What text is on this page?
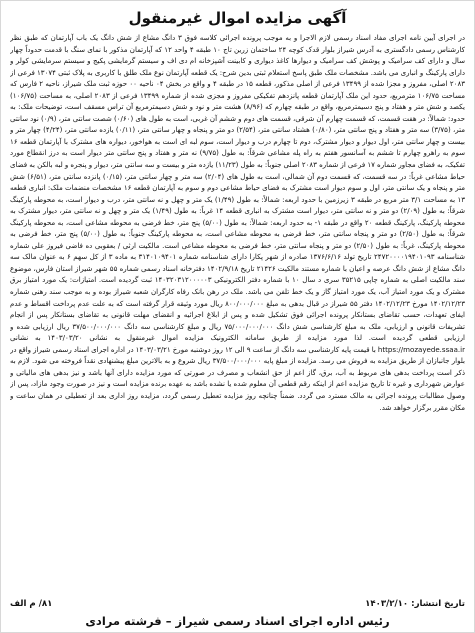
آگهی مزایده اموال غیرمنقول

در اجرای آیین نامه اجرای مفاد اسناد رسمی لازم الاجرا و به موجب پرونده اجرائی کلاسه فوق ۳ دانگ مشاع از شش دانگ یک باب آپارتمان که طبق نظر کارشناس رسمی دادگستری به آدرس شیراز بلوار قدک کوچه ۲۴ ساختمان زرین تاج ۱۰ طبقه ۴ واحد ۱۲ که آپارتمان مذکور با نمای سنگ با قدمت حدوداً چهار سال و دارای کف سرامیک و پوشش کف سرامیک و دیوارها کاغذ دیواری و کابینت آشپزخانه ام دی اف و سیستم گرمایشی پکیج و سیستم سرمایشی کولر و دارای پارکینگ و انباری می باشد. مشخصات ملک طبق پاسخ استعلام ثبتی بدین شرح: یک قطعه آپارتمان نوع ملک طلق با کاربری به پلاک ثبتی ۱۳۰۷۴ فرعی از ۲۰۸۳ اصلی، مفروز و مجزا شده از ۱۳۴۹۹ فرعی از اصلی مذکور، قطعه ۱۵ در طبقه ۴ و واقع در بخش ۰۴ ناحیه ۰۰ حوزه ثبت ملک شیراز، ناحیه ۲ فارس که مساحت ۱۰۶/۷۵ مترمربع، حدود این ملک آپارتمان قطعه پانزدهم تفکیکی مفروز و مجزی شده از شماره ۱۳۴۹۹ فرعی از ۲۰۸۳ اصلی، به مساحت (۱۰۶/۷۵) یکصد و شش متر و هفتاد و پنج دسیمترمربع، واقع در طبقه چهارم که (۸/۹۶) هشت متر و نود و شش دسیمترمربع آن تراس مسقف است، توضیحات ملک: به حدود: شمالاً: در هفت قسمت، که قسمت چهارم آن شرقی، قسمت های دوم و ششم آن غربی، است به طول های (۰/۶۰) شصت سانتی متر، (۰/۹) نود سانتی متر، (۳/۷۵) سه متر و هفتاد و پنج سانتی متر، (۰/۸۰) هشتاد سانتی متر، (۲/۵۴) دو متر و پنجاه و چهار سانتی متر، (۰/۱۱) یازده سانتی متر، (۴/۲۴) چهار متر و بیست و چهار سانتی متر، اول دیوار و دیوار مشترک، دوم تا چهارم درب و دیوار است، سوم لبه ای است به هواخور، دیواره های مشترک با آپارتمان قطعه ۱۶ سوم به راهرو چهارم تا ششم به آسانسور هفتم به راه پله مشاعی شرقاً: به طول (۹/۷۵) نه متر و هفتاد و پنج سانتی متر دیوار است به درز انقطاع مورد تفکیک، به فضای مجاور شماره ۱۷ فرعی از شماره ۲۰۸۳ اصلی جنوباً: به طول (۱۱/۲۳) یازده متر و بیست و سه سانتی متر، دیوار و پنجره و لبه بالکن به فضای حیاط مشاعی غرباً: در سه قسمت، که قسمت دوم آن شمالی، است به طول های (۲/۰۴) سه متر و چهار سانتی متر، (۰/۱۵) پانزده سانتی متر، (۶/۵۱) شش متر و پنجاه و یک سانتی متر، اول و سوم دیوار است مشترک به فضای حیاط مشاعی دوم و سوم به آپارتمان قطعه ۱۶ مشخصات منضمات ملک: انباری قطعه ۱۳ به مساحت ۳/۱ متر مربع در طبقه ۳ زیرزمین با حدود اربعه: شمالاً: به طول (۱/۴۹) یک متر و چهل و نه سانتی متر، درب و دیوار است، به محوطه پارکینگ شرقاً: به طول (۲/۰۹) دو متر و نه سانتی متر، دیوار است مشترک به انباری قطعه ۱۴ غرباً: به طول (۱/۴۹) یک متر و چهل و نه سانتی متر، دیوار مشترک به محوطه پارکینگ، پارکینگ قطعه ۲۰ واقع در طبقه ۱- به حدود اربعه: شمالاً: به طول (۵/۰۰) پنج متر، خط فرضی به محوطه مشاعی است، به محوطه پارکینگ شرقاً: به طول (۲/۵۰) دو متر و پنجاه سانتی متر، خط فرضی به محوطه مشاعی است، به محوطه پارکینگ جنوباً: به طول (۵/۰۰) پنج متر، خط فرضی به محوطه پارکینگ، غرباً: به طول (۲/۵۰) دو متر و پنجاه سانتی متر، خط فرضی به محوطه مشاعی است. مالکیت ارثی / بعقوبی ده فاضی فیروز علی شماره شناسنامه ۲۴۷۲۰۰۰۰۱۹۴۰۱۰۹۳ تاریخ تولد ۱۳۷۶/۶/۱۶ صادره از شهر پکارا دارای شناسنامه شماره ۳۱۴۰۱۰۹۴۰۱ به ماده ۳ از کل سهم ۶ به عنوان مالک سه دانگ مشاع از شش دانگ عرصه و اعیان با شماره مستند مالکیت ۲۱۴۲۶ تاریخ ۱۴۰۲/۹/۱۸ دفترخانه اسناد رسمی شماره ۵۵ شهر شیراز استان فارس، موضوع سند مالکیت اصلی به شماره چاپی ۳۵۲۱۵ سری د سال ۱۰ با شماره دفتر الکترونیکی ۱۴۰۳۲۰۳۱۲۰۰۰۰۰۳ ثبت گردیده است. امتیازات: یک مورد امتیاز برق مشترک و یک مورد امتیاز آب، یک مورد امتیاز گاز و یک خط تلفن می باشد. ملک در رهن بانک رفاه کارگران شعبه شیراز بوده و به موجب سند رهنی شماره ۱۴۰۲/۱۲/۲۳ مورخ ۱۴۰۲/۱۲/۲۳ دفتر ۵۵ شیراز در قبال بدهی به مبلغ ۸۰۰/۰۰۰/۰۰۰ ریال مورد وثیقه قرار گرفته است که به علت عدم پرداخت اقساط و عدم ایفای تعهدات، حسب تقاضای بستانکار پرونده اجرائی فوق تشکیل شده و پس از ابلاغ اجرائیه و انقضای مهلت قانونی به تقاضای بستانکار پس از انجام تشریفات قانونی و ارزیابی، ملک به مبلغ کارشناسی شش دانگ ۷۵/۰۰۰/۰۰۰/۰۰۰ ریال و مبلغ کارشناسی سه دانگ ۳۷/۵۰۰/۰۰۰/۰۰۰ ریال ارزیابی شده و ارزیابی قطعی گردیده است. لذا مورد مزایده از طریق سامانه الکترونیک مزایده اموال غیرمنقول به نشانی ۱۴۰۳/۰۳/۲۰ به نشانی https://mozayede.ssaa.ir با قیمت پایه کارشناسی سه دانگ از ساعت ۹ الی ۱۲ روز دوشنبه مورخ ۱۴۰۳/۰۳/۲۱ در اداره اجرای اسناد رسمی شیراز واقع در بلوار جانبازان از طریق مزایده به فروش می رسد. مزایده از مبلغ پایه ۳۷/۵۰۰/۰۰۰/۰۰۰ ریال شروع و به بالاترین مبلغ پیشنهادی نقداً فروخته می شود. لازم به ذکر است پرداخت بدهی های مربوط به آب، برق، گاز اعم از حق انشعاب و مصرف در صورتی که مورد مزایده دارای آنها باشد و نیز بدهی های مالیاتی و عوارض شهرداری و غیره تا تاریخ مزایده اعم از اینکه رقم قطعی آن معلوم شده یا نشده باشد به عهده برنده مزایده است و نیز در صورت وجود مازاد، پس از وصول مطالبات پرونده اجرائی به مالک مسترد می گردد. ضمناً چنانچه روز مزایده تعطیل رسمی گردد، مزایده روز اداری بعد از تعطیلی در همان ساعت و مکان مقرر برگزار خواهد شد.

تاریخ انتشار: ۱۴۰۳/۲/۱۰
۸۱/ م الف
رئیس اداره اجرای اسناد رسمی شیراز – فرشته مرادی
